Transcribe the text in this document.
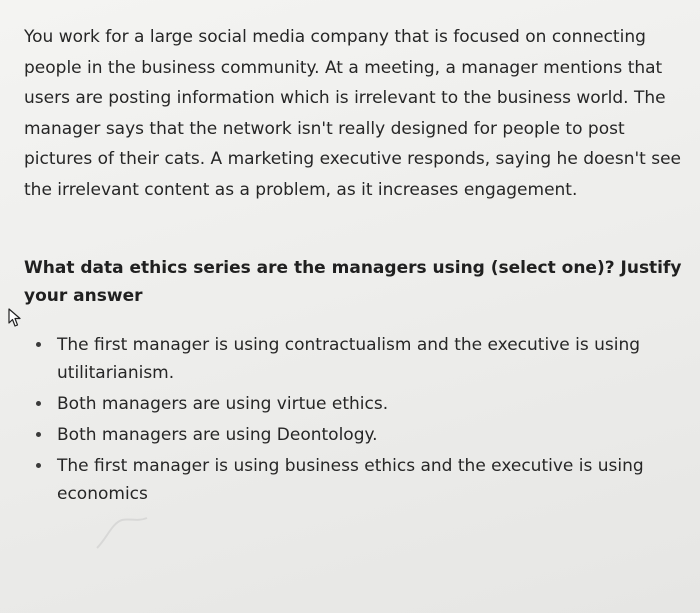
You work for a large social media company that is focused on connecting people in the business community. At a meeting, a manager mentions that users are posting information which is irrelevant to the business world. The manager says that the network isn't really designed for people to post pictures of their cats. A marketing executive responds, saying he doesn't see the irrelevant content as a problem, as it increases engagement.

What data ethics series are the managers using (select one)? Justify your answer

The first manager is using contractualism and the executive is using utilitarianism.
Both managers are using virtue ethics.
Both managers are using Deontology.
The first manager is using business ethics and the executive is using economics
